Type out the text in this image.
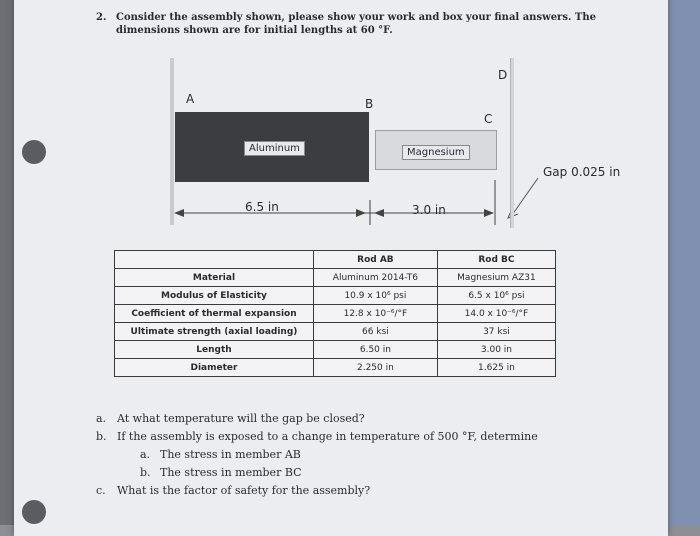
2. Consider the assembly shown, please show your work and box your final answers. The
dimensions shown are for initial lengths at 60 °F.
Aluminum	Magnesium
A	B
C
D
Gap 0.025 in
6.5 in	3.0 in
	Rod AB	Rod BC
Material	Aluminum 2014-T6	Magnesium AZ31
Modulus of Elasticity	10.9 x 10⁶ psi	6.5 x 10⁶ psi
Coefficient of thermal expansion	12.8 x 10⁻⁶/°F	14.0 x 10⁻⁶/°F
Ultimate strength (axial loading)	66 ksi	37 ksi
Length	6.50 in	3.00 in
Diameter	2.250 in	1.625 in
a. At what temperature will the gap be closed?
b. If the assembly is exposed to a change in temperature of 500 °F, determine
a. The stress in member AB
b. The stress in member BC
c. What is the factor of safety for the assembly?
